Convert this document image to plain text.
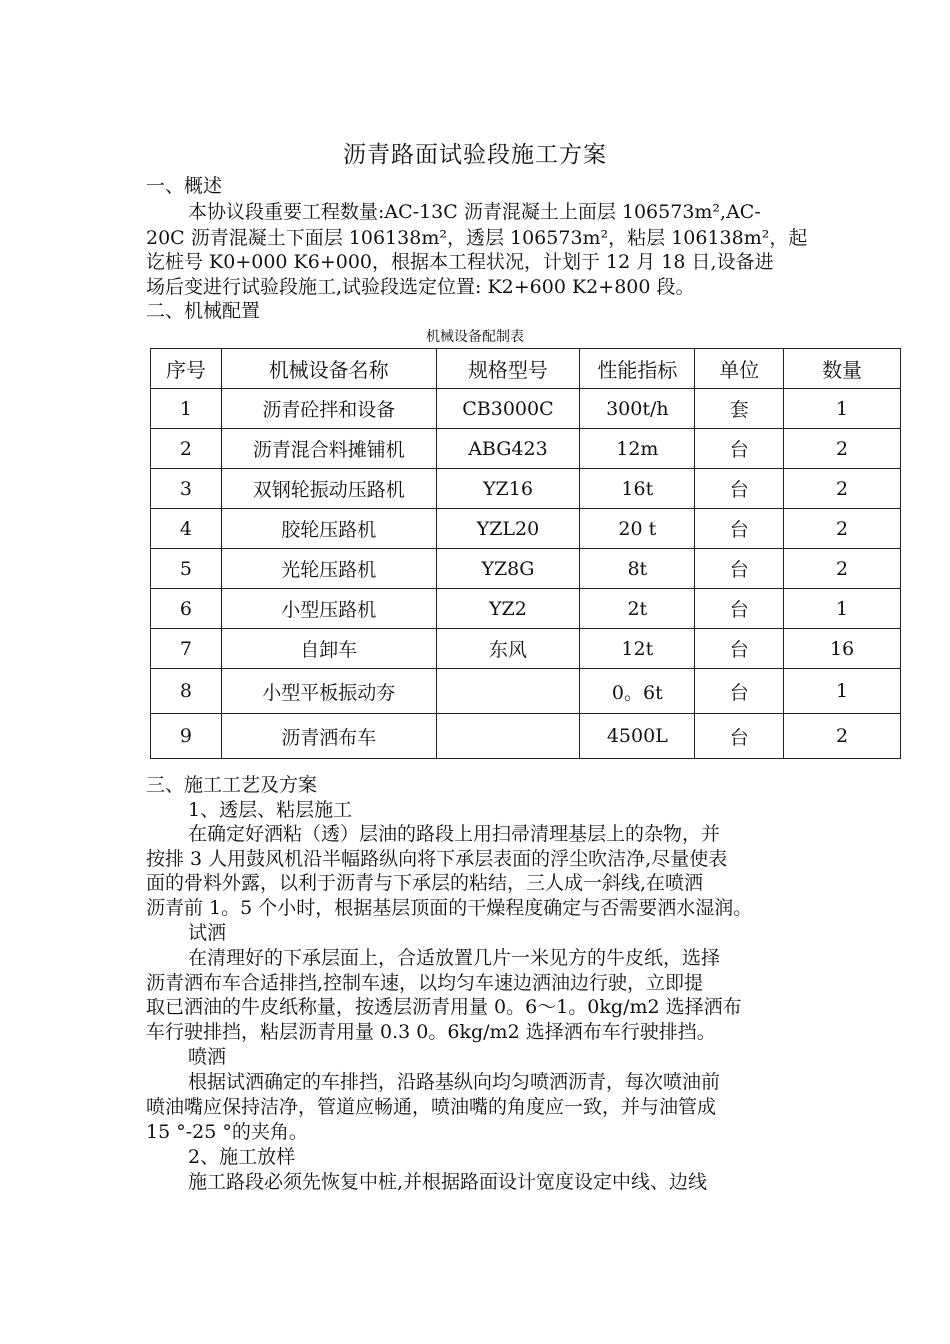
沥青路面试验段施工方案
一、概述
本协议段重要工程数量:AC-13C 沥青混凝土上面层 106573m²,AC-
20C 沥青混凝土下面层 106138m²，透层 106573m²，粘层 106138m²，起
讫桩号 K0+000 K6+000，根据本工程状况，计划于 12 月 18 日,设备进
场后变进行试验段施工,试验段选定位置: K2+600 K2+800 段。
二、机械配置
机械设备配制表
序号	机械设备名称	规格型号	性能指标	单位	数量
1	沥青砼拌和设备	CB3000C	300t/h	套	1
2	沥青混合料摊铺机	ABG423	12m	台	2
3	双钢轮振动压路机	YZ16	16t	台	2
4	胶轮压路机	YZL20	20 t	台	2
5	光轮压路机	YZ8G	8t	台	2
6	小型压路机	YZ2	2t	台	1
7	自卸车	东风	12t	台	16
8	小型平板振动夯		0。6t	台	1
9	沥青洒布车		4500L	台	2
三、施工工艺及方案
1、透层、粘层施工
在确定好洒粘（透）层油的路段上用扫帚清理基层上的杂物，并
按排 3 人用鼓风机沿半幅路纵向将下承层表面的浮尘吹洁净,尽量使表
面的骨料外露，以利于沥青与下承层的粘结，三人成一斜线,在喷洒
沥青前 1。5 个小时，根据基层顶面的干燥程度确定与否需要洒水湿润。
试洒
在清理好的下承层面上，合适放置几片一米见方的牛皮纸，选择
沥青洒布车合适排挡,控制车速，以均匀车速边洒油边行驶，立即提
取已洒油的牛皮纸称量，按透层沥青用量 0。6～1。0kg/m2 选择洒布
车行驶排挡，粘层沥青用量 0.3 0。6kg/m2 选择洒布车行驶排挡。
喷洒
根据试洒确定的车排挡，沿路基纵向均匀喷洒沥青，每次喷油前
喷油嘴应保持洁净，管道应畅通，喷油嘴的角度应一致，并与油管成
15 °-25 °的夹角。
2、施工放样
施工路段必须先恢复中桩,并根据路面设计宽度设定中线、边线
